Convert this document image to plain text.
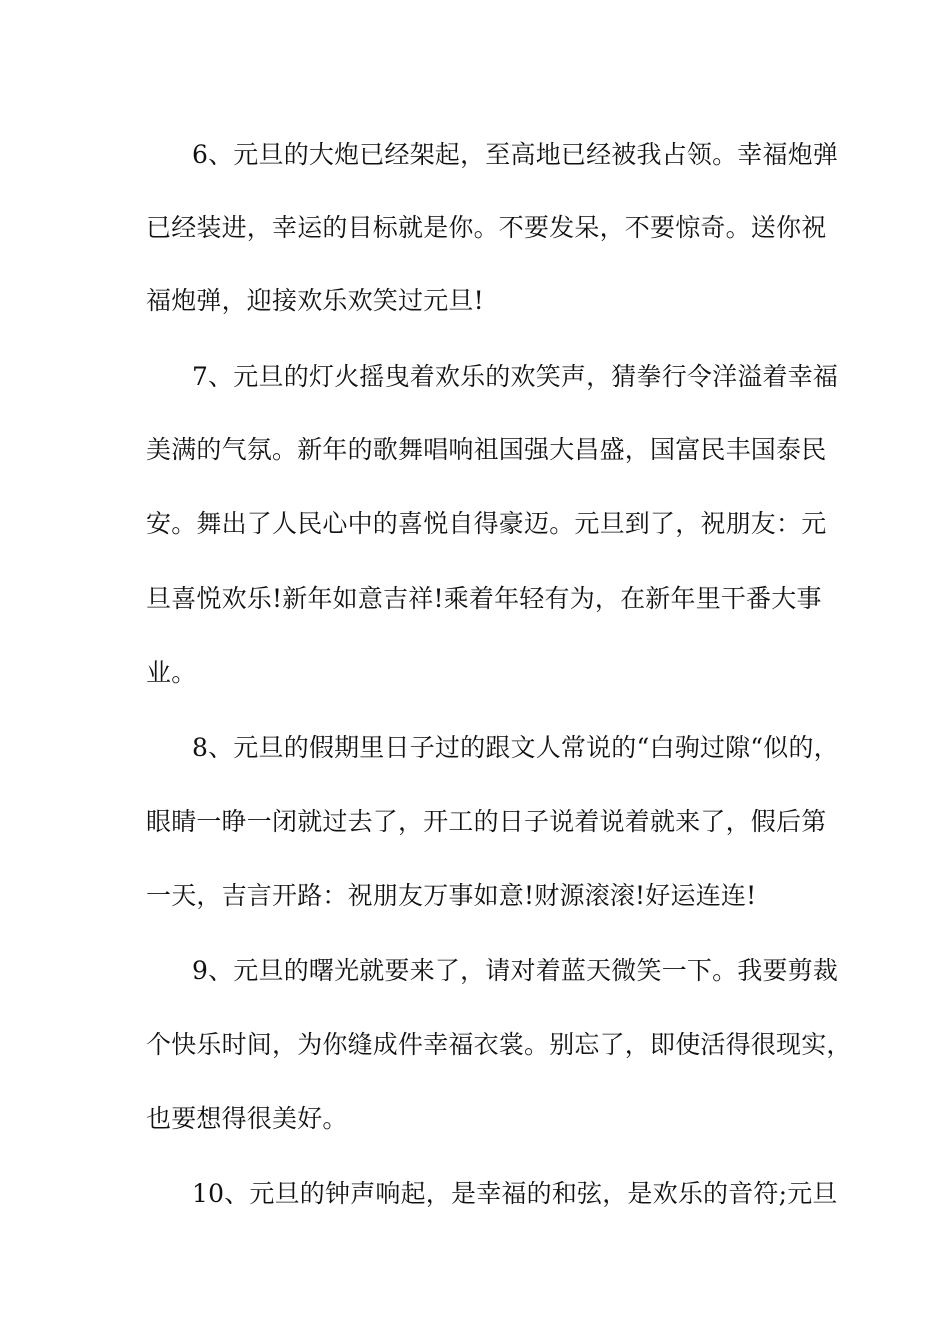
6、元旦的大炮已经架起，至高地已经被我占领。幸福炮弹
已经装进，幸运的目标就是你。不要发呆，不要惊奇。送你祝
福炮弹，迎接欢乐欢笑过元旦!
7、元旦的灯火摇曳着欢乐的欢笑声，猜拳行令洋溢着幸福
美满的气氛。新年的歌舞唱响祖国强大昌盛，国富民丰国泰民
安。舞出了人民心中的喜悦自得豪迈。元旦到了，祝朋友：元
旦喜悦欢乐!新年如意吉祥!乘着年轻有为，在新年里干番大事
业。
8、元旦的假期里日子过的跟文人常说的“白驹过隙“似的，
眼睛一睁一闭就过去了，开工的日子说着说着就来了，假后第
一天，吉言开路：祝朋友万事如意!财源滚滚!好运连连!
9、元旦的曙光就要来了，请对着蓝天微笑一下。我要剪裁
个快乐时间，为你缝成件幸福衣裳。别忘了，即使活得很现实，
也要想得很美好。
10、元旦的钟声响起，是幸福的和弦，是欢乐的音符;元旦
